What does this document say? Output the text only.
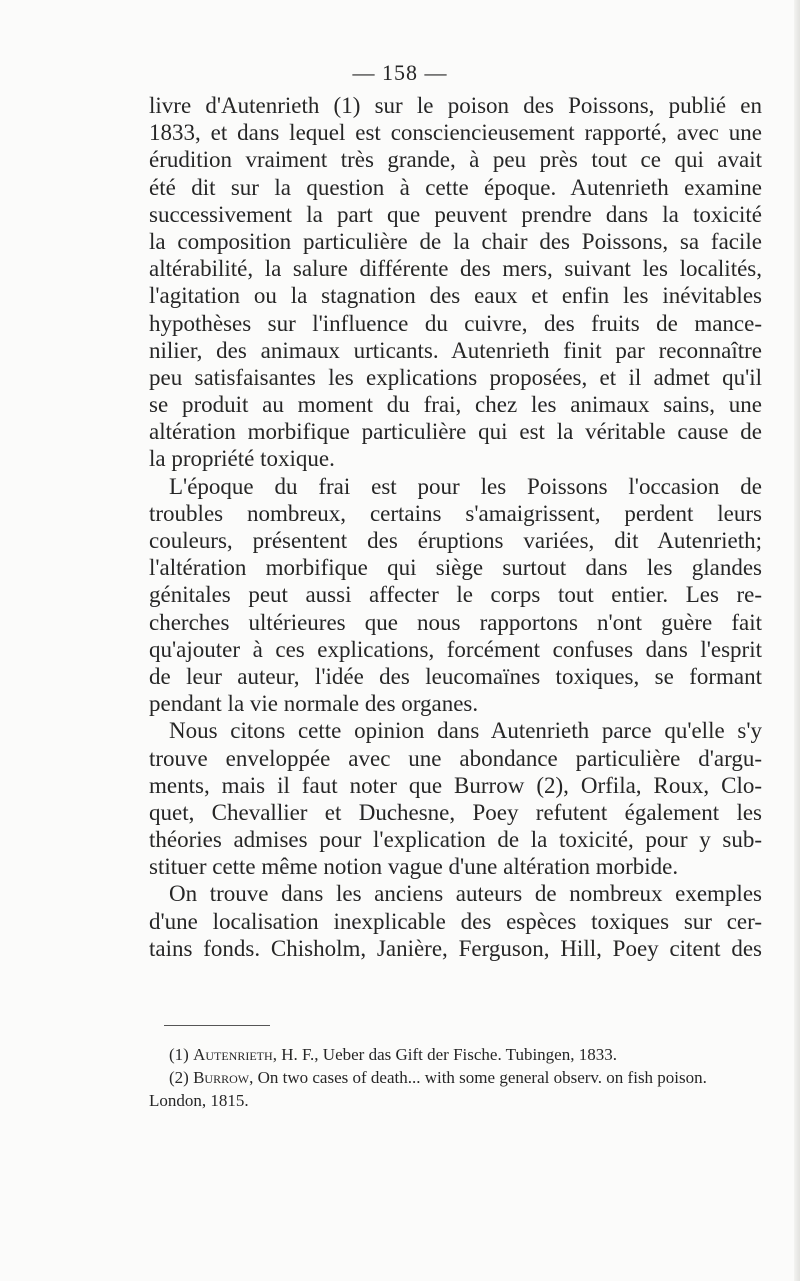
— 158 —
livre d'Autenrieth (1) sur le poison des Poissons, publié en
1833, et dans lequel est consciencieusement rapporté, avec une
érudition vraiment très grande, à peu près tout ce qui avait
été dit sur la question à cette époque. Autenrieth examine
successivement la part que peuvent prendre dans la toxicité
la composition particulière de la chair des Poissons, sa facile
altérabilité, la salure différente des mers, suivant les localités,
l'agitation ou la stagnation des eaux et enfin les inévitables
hypothèses sur l'influence du cuivre, des fruits de mance-
nilier, des animaux urticants. Autenrieth finit par reconnaître
peu satisfaisantes les explications proposées, et il admet qu'il
se produit au moment du frai, chez les animaux sains, une
altération morbifique particulière qui est la véritable cause de
la propriété toxique.
L'époque du frai est pour les Poissons l'occasion de
troubles nombreux, certains s'amaigrissent, perdent leurs
couleurs, présentent des éruptions variées, dit Autenrieth;
l'altération morbifique qui siège surtout dans les glandes
génitales peut aussi affecter le corps tout entier. Les re-
cherches ultérieures que nous rapportons n'ont guère fait
qu'ajouter à ces explications, forcément confuses dans l'esprit
de leur auteur, l'idée des leucomaïnes toxiques, se formant
pendant la vie normale des organes.
Nous citons cette opinion dans Autenrieth parce qu'elle s'y
trouve enveloppée avec une abondance particulière d'argu-
ments, mais il faut noter que Burrow (2), Orfila, Roux, Clo-
quet, Chevallier et Duchesne, Poey refutent également les
théories admises pour l'explication de la toxicité, pour y sub-
stituer cette même notion vague d'une altération morbide.
On trouve dans les anciens auteurs de nombreux exemples
d'une localisation inexplicable des espèces toxiques sur cer-
tains fonds. Chisholm, Janière, Ferguson, Hill, Poey citent des
(1) Autenrieth, H. F., Ueber das Gift der Fische. Tubingen, 1833.
(2) Burrow, On two cases of death... with some general observ. on fish poison.
London, 1815.
